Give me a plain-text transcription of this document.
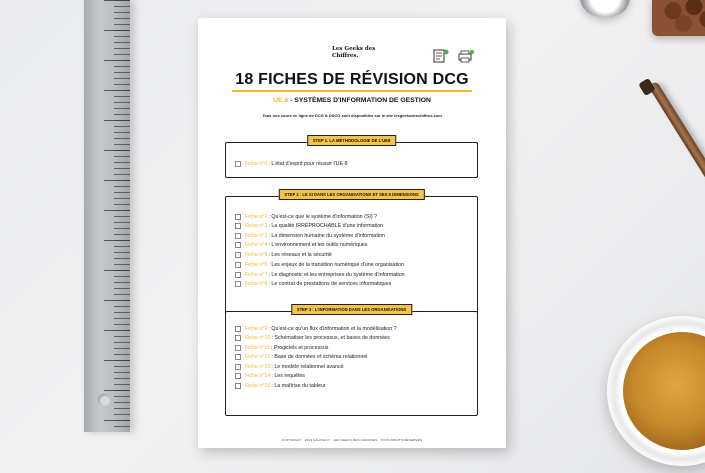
Les Geeks des Chiffres.
18 FICHES DE RÉVISION DCG
UE 8 - SYSTÈMES D'INFORMATION DE GESTION
Tous nos cours en ligne de DCG & DSCG sont disponibles sur le site lesgeeksdeschiffres.com
STEP 1. LA MÉTHODOLOGIE DE L'UE8
Fiche n°0 : L'état d'esprit pour réussir l'UE 8
STEP 2 : LE SI DANS LES ORGANISATIONS ET SES 5 DIMENSIONS
Fiche n°1 : Qu'est-ce que le système d'information (SI) ?
Fiche n°2 : La qualité IRRÉPROCHABLE d'une information
Fiche n°3 : La dimension humaine du système d'information
Fiche n°4 : L'environnement et les outils numériques
Fiche n°5 : Les réseaux et la sécurité
Fiche n°6 : Les enjeux de la transition numérique d'une organisation
Fiche n°7 : Le diagnostic et les entreprises du système d'information
Fiche n°8 : Le contrat de prestations de services informatiques
STEP 3 : L'INFORMATION DANS LES ORGANISATIONS
Fiche n°9 : Qu'est-ce qu'un flux d'information et la modélisation ?
Fiche n°10 : Schématiser les processus, et bases de données
Fiche n°11 : Progiciels et processus
Fiche n°12 : Base de données et schéma relationnel
Fiche n°13 : Le modèle relationnel avancé
Fiche n°14 : Les requêtes
Fiche n°15 : La maîtrise du tableur
COPYRIGHT · 2023 SALINGUY · LES GEEKS DES CHIFFRES · TOUS DROITS RÉSERVÉS
